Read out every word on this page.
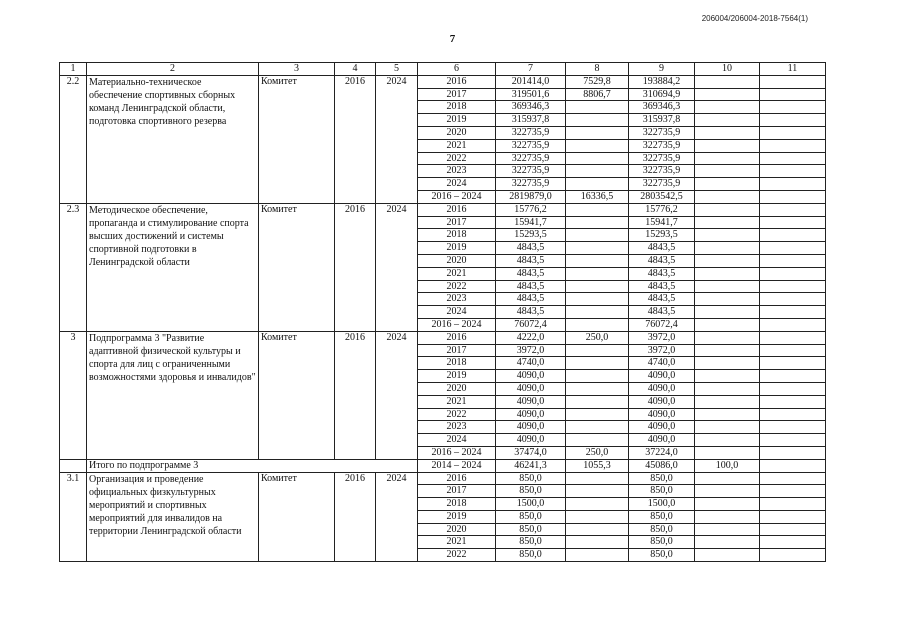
206004/206004-2018-7564(1)
7
1	2	3	4	5	6	7	8	9	10	11
2.2	Материально-техническое обеспечение спортивных сборных команд Ленинградской области, подготовка спортивного резерва	Комитет	2016	2024	2016	201414,0	7529,8	193884,2		
					2017	319501,6	8806,7	310694,9		
					2018	369346,3		369346,3		
					2019	315937,8		315937,8		
					2020	322735,9		322735,9		
					2021	322735,9		322735,9		
					2022	322735,9		322735,9		
					2023	322735,9		322735,9		
					2024	322735,9		322735,9		
					2016 – 2024	2819879,0	16336,5	2803542,5		
2.3	Методическое обеспечение, пропаганда и стимулирование спорта высших достижений и системы спортивной подготовки в Ленинградской области	Комитет	2016	2024	2016	15776,2		15776,2		
					2017	15941,7		15941,7		
					2018	15293,5		15293,5		
					2019	4843,5		4843,5		
					2020	4843,5		4843,5		
					2021	4843,5		4843,5		
					2022	4843,5		4843,5		
					2023	4843,5		4843,5		
					2024	4843,5		4843,5		
					2016 – 2024	76072,4		76072,4		
3	Подпрограмма 3 "Развитие адаптивной физической культуры и спорта для лиц с ограниченными возможностями здоровья и инвалидов"	Комитет	2016	2024	2016	4222,0	250,0	3972,0		
					2017	3972,0		3972,0		
					2018	4740,0		4740,0		
					2019	4090,0		4090,0		
					2020	4090,0		4090,0		
					2021	4090,0		4090,0		
					2022	4090,0		4090,0		
					2023	4090,0		4090,0		
					2024	4090,0		4090,0		
					2016 – 2024	37474,0	250,0	37224,0		
	Итого по подпрограмме 3				2014 – 2024	46241,3	1055,3	45086,0	100,0	
3.1	Организация и проведение официальных физкультурных мероприятий и спортивных мероприятий для инвалидов на территории Ленинградской области	Комитет	2016	2024	2016	850,0		850,0		
					2017	850,0		850,0		
					2018	1500,0		1500,0		
					2019	850,0		850,0		
					2020	850,0		850,0		
					2021	850,0		850,0		
					2022	850,0		850,0		
